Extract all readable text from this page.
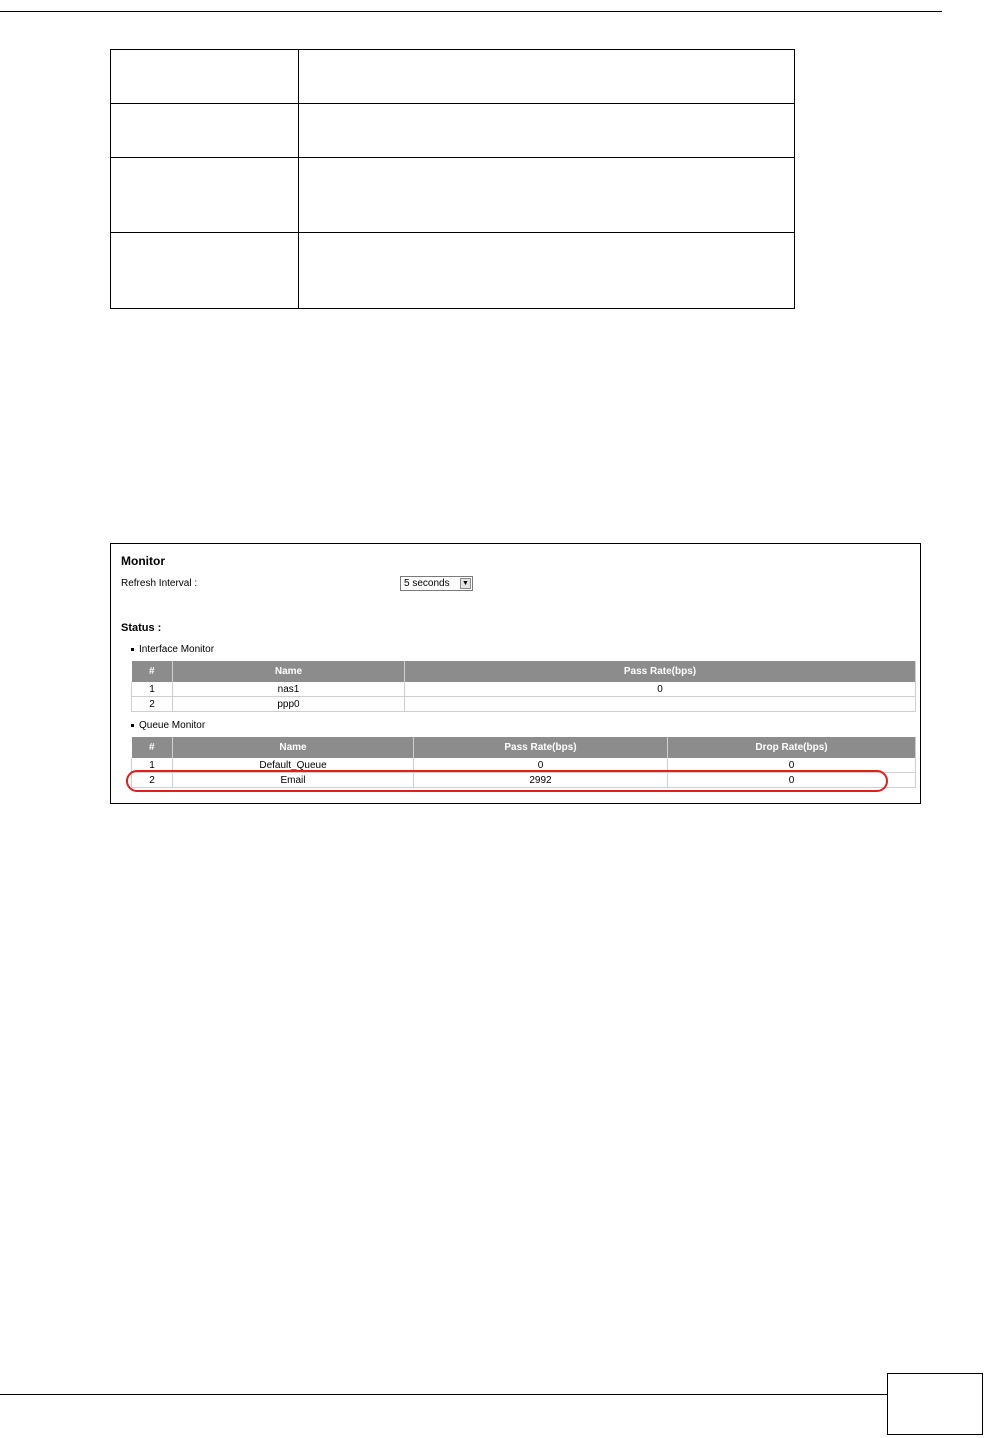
Monitor
Refresh Interval :	5 seconds ▼
Status :
Interface Monitor
#	Name	Pass Rate(bps)
1	nas1	0
2	ppp0	
Queue Monitor
#	Name	Pass Rate(bps)	Drop Rate(bps)
1	Default_Queue	0	0
2	Email	2992	0
